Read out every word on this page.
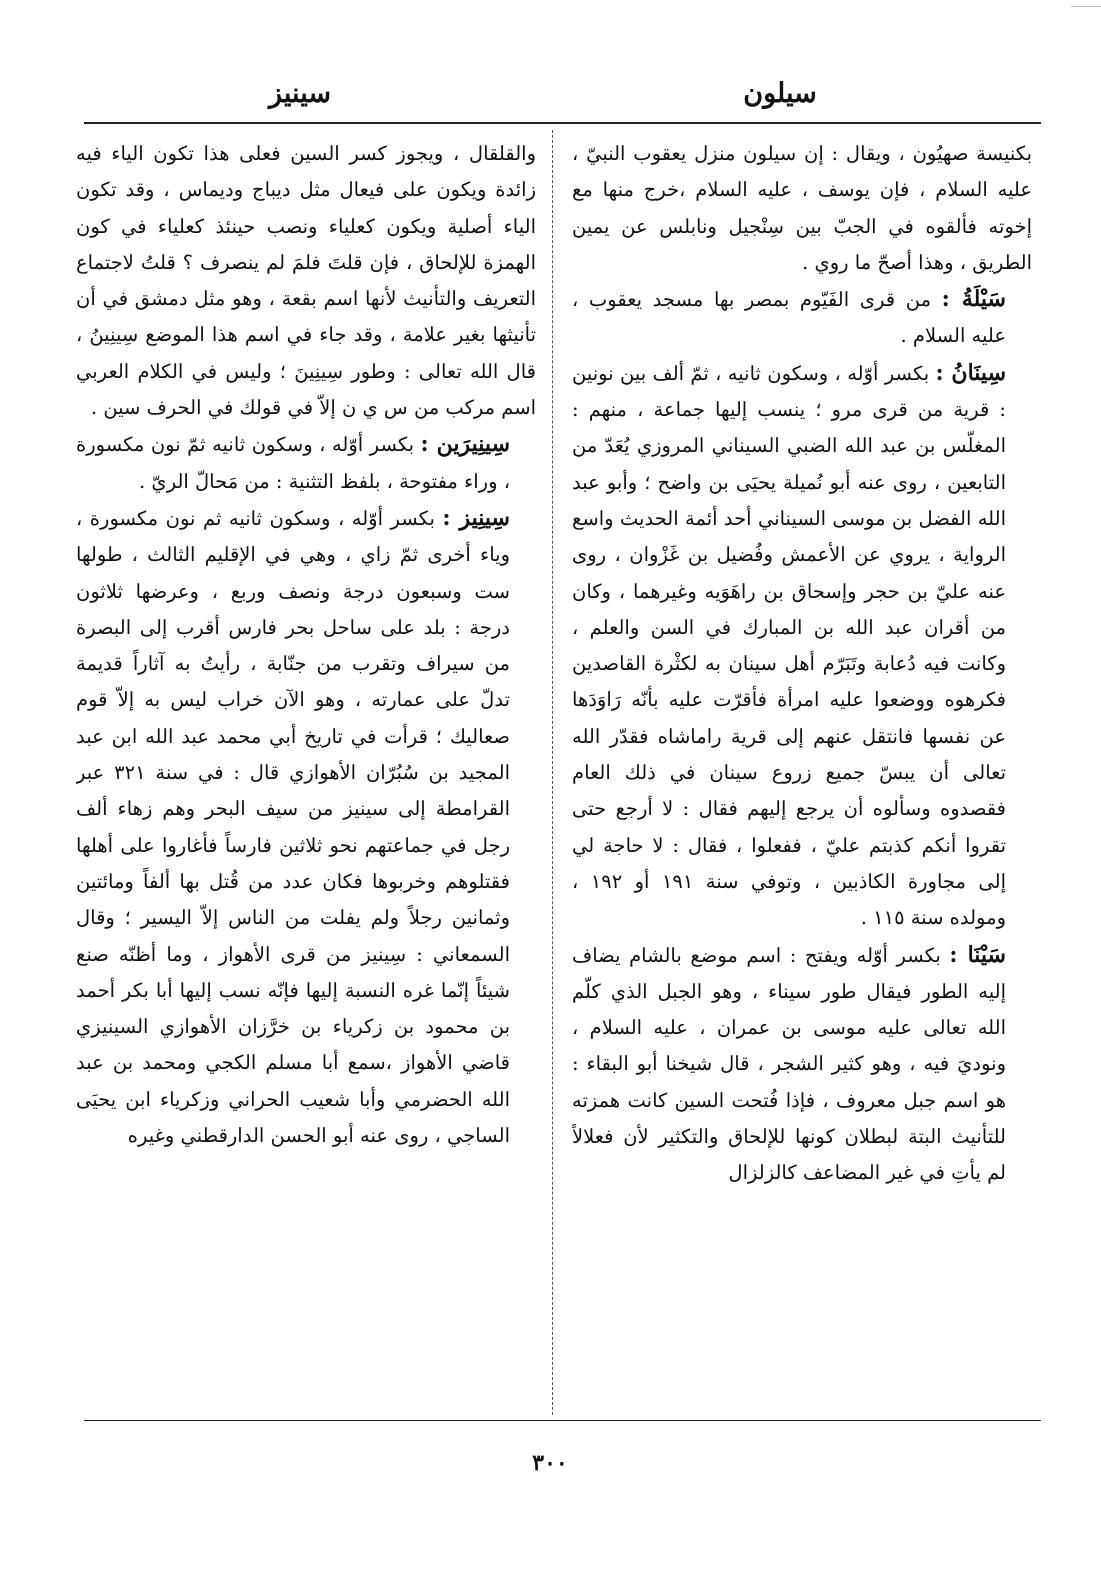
سيلون
سينيز

بكنيسة صهيُون ، ويقال : إن سيلون منزل يعقوب النبيّ ، عليه السلام ، فإن يوسف ، عليه السلام ،خرج منها مع إخوته فألقوه في الجبّ بين سِنْجيل ونابلس عن يمين الطريق ، وهذا أصحّ ما روي .

سَيْلَةُ : من قرى الفَيّوم بمصر بها مسجد يعقوب ، عليه السلام .

سِينَانُ : بكسر أوّله ، وسكون ثانيه ، ثمّ ألف بين نونين : قرية من قرى مرو ؛ ينسب إليها جماعة ، منهم : المغلّس بن عبد الله الضبي السيناني المروزي يُعَدّ من التابعين ، روى عنه أبو نُميلة يحيَى بن واضح ؛ وأبو عبد الله الفضل بن موسى السيناني أحد أئمة الحديث واسع الرواية ، يروي عن الأعمش وفُضيل بن غَزْوان ، روى عنه عليّ بن حجر وإسحاق بن راهَوَيه وغيرهما ، وكان من أقران عبد الله بن المبارك في السن والعلم ، وكانت فيه دُعابة وتَبَرّم أهل سينان به لكثْرة القاصدين فكرهوه ووضعوا عليه امرأة فأقرّت عليه بأنّه رَاوَدَها عن نفسها فانتقل عنهم إلى قرية راماشاه فقدّر الله تعالى أن يبسّ جميع زروع سينان في ذلك العام فقصدوه وسألوه أن يرجع إليهم فقال : لا أرجع حتى تقروا أنكم كذبتم عليّ ، ففعلوا ، فقال : لا حاجة لي إلى مجاورة الكاذبين ، وتوفي سنة ١٩١ أو ١٩٢ ، ومولده سنة ١١٥ .

سَيْنَا : بكسر أوّله ويفتح : اسم موضع بالشام يضاف إليه الطور فيقال طور سيناء ، وهو الجبل الذي كلّم الله تعالى عليه موسى بن عمران ، عليه السلام ، ونوديَ فيه ، وهو كثير الشجر ، قال شيخنا أبو البقاء : هو اسم جبل معروف ، فإذا فُتحت السين كانت همزته للتأنيث البتة لبطلان كونها للإلحاق والتكثير لأن فعلالاً لم يأتِ في غير المضاعف كالزلزال

والقلقال ، ويجوز كسر السين فعلى هذا تكون الياء فيه زائدة ويكون على فيعال مثل ديباج وديماس ، وقد تكون الياء أصلية ويكون كعلياء ونصب حينئذ كعلياء في كون الهمزة للإلحاق ، فإن قلتَ فلمَ لم ينصرف ؟ قلتُ لاجتماع التعريف والتأنيث لأنها اسم بقعة ، وهو مثل دمشق في أن تأنيثها بغير علامة ، وقد جاء في اسم هذا الموضع سِينِينُ ، قال الله تعالى : وطور سِينِينَ ؛ وليس في الكلام العربي اسم مركب من س ي ن إلاّ في قولك في الحرف سين .

سِينِيرَين : بكسر أوّله ، وسكون ثانيه ثمّ نون مكسورة ، وراء مفتوحة ، بلفظ التثنية : من مَحالّ الريّ .

سِينِيز : بكسر أوّله ، وسكون ثانيه ثم نون مكسورة ، وياء أخرى ثمّ زاي ، وهي في الإقليم الثالث ، طولها ست وسبعون درجة ونصف وربع ، وعرضها ثلاثون درجة : بلد على ساحل بحر فارس أقرب إلى البصرة من سيراف وتقرب من جنّابة ، رأيتُ به آثاراً قديمة تدلّ على عمارته ، وهو الآن خراب ليس به إلاّ قوم صعاليك ؛ قرأت في تاريخ أبي محمد عبد الله ابن عبد المجيد بن سُبُرّان الأهوازي قال : في سنة ٣٢١ عبر القرامطة إلى سينيز من سيف البحر وهم زهاء ألف رجل في جماعتهم نحو ثلاثين فارساً فأغاروا على أهلها فقتلوهم وخربوها فكان عدد من قُتل بها ألفاً ومائتين وثمانين رجلاً ولم يفلت من الناس إلاّ اليسير ؛ وقال السمعاني : سِينيز من قرى الأهواز ، وما أظنّه صنع شيئاً إنّما غره النسبة إليها فإنّه نسب إليها أبا بكر أحمد بن محمود بن زكرياء بن خرَّزان الأهوازي السينيزي قاضي الأهواز ،سمع أبا مسلم الكجي ومحمد بن عبد الله الحضرمي وأبا شعيب الحراني وزكرياء ابن يحيَى الساجي ، روى عنه أبو الحسن الدارقطني وغيره

٣٠٠
